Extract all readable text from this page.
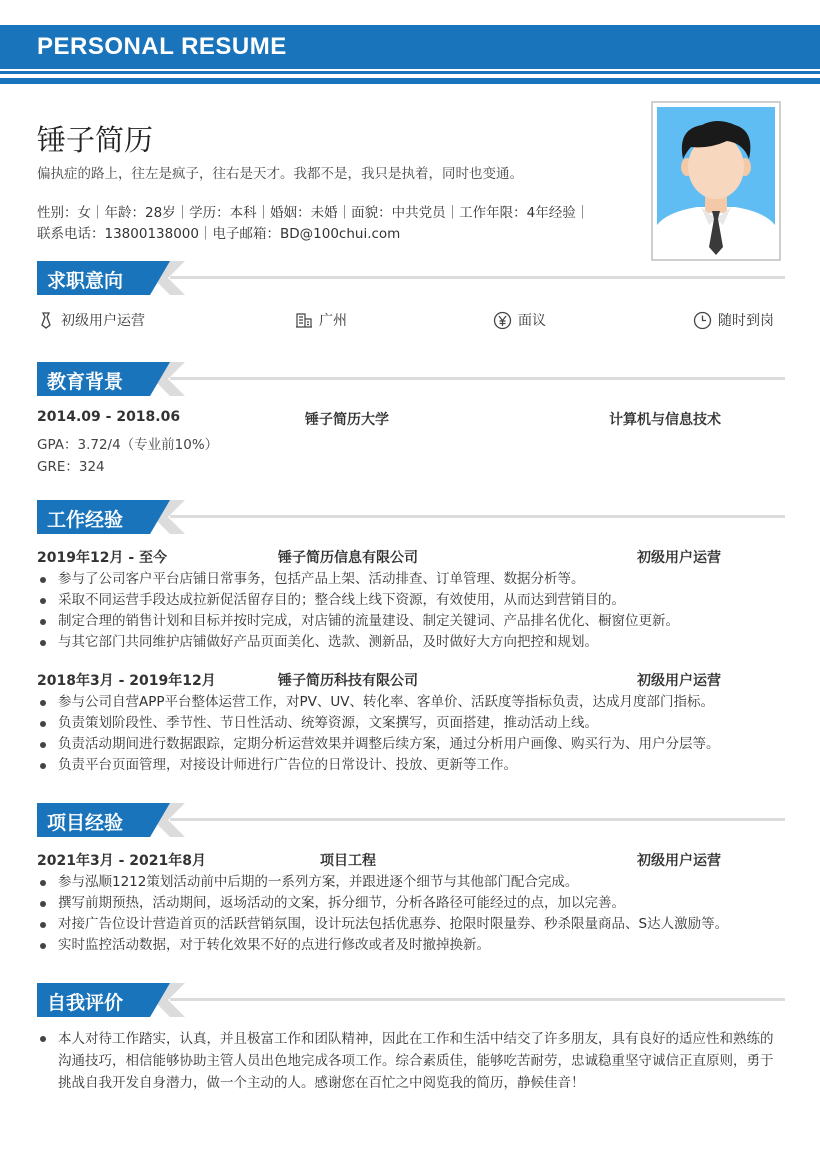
PERSONAL RESUME
锤子简历
偏执症的路上，往左是疯子，往右是天才。我都不是，我只是执着，同时也变通。
性别：女｜年龄：28岁｜学历：本科｜婚姻：未婚｜面貌：中共党员｜工作年限：4年经验｜
联系电话：13800138000｜电子邮箱：BD@100chui.com
求职意向
初级用户运营	广州	面议	随时到岗
教育背景
2014.09 - 2018.06	锤子简历大学	计算机与信息技术
GPA：3.72/4（专业前10%）
GRE：324
工作经验
2019年12月 - 至今	锤子简历信息有限公司	初级用户运营
参与了公司客户平台店铺日常事务，包括产品上架、活动排查、订单管理、数据分析等。
采取不同运营手段达成拉新促活留存目的；整合线上线下资源，有效使用，从而达到营销目的。
制定合理的销售计划和目标并按时完成，对店铺的流量建设、制定关键词、产品排名优化、橱窗位更新。
与其它部门共同维护店铺做好产品页面美化、选款、测新品，及时做好大方向把控和规划。
2018年3月 - 2019年12月	锤子简历科技有限公司	初级用户运营
参与公司自营APP平台整体运营工作，对PV、UV、转化率、客单价、活跃度等指标负责，达成月度部门指标。
负责策划阶段性、季节性、节日性活动、统筹资源，文案撰写，页面搭建，推动活动上线。
负责活动期间进行数据跟踪，定期分析运营效果并调整后续方案，通过分析用户画像、购买行为、用户分层等。
负责平台页面管理，对接设计师进行广告位的日常设计、投放、更新等工作。
项目经验
2021年3月 - 2021年8月	项目工程	初级用户运营
参与泓顺1212策划活动前中后期的一系列方案，并跟进逐个细节与其他部门配合完成。
撰写前期预热，活动期间，返场活动的文案，拆分细节，分析各路径可能经过的点，加以完善。
对接广告位设计营造首页的活跃营销氛围，设计玩法包括优惠券、抢限时限量券、秒杀限量商品、S达人激励等。
实时监控活动数据，对于转化效果不好的点进行修改或者及时撤掉换新。
自我评价
本人对待工作踏实，认真，并且极富工作和团队精神，因此在工作和生活中结交了许多朋友，具有良好的适应性和熟练的沟通技巧，相信能够协助主管人员出色地完成各项工作。综合素质佳，能够吃苦耐劳，忠诚稳重坚守诚信正直原则，勇于挑战自我开发自身潜力，做一个主动的人。感谢您在百忙之中阅览我的简历，静候佳音！
